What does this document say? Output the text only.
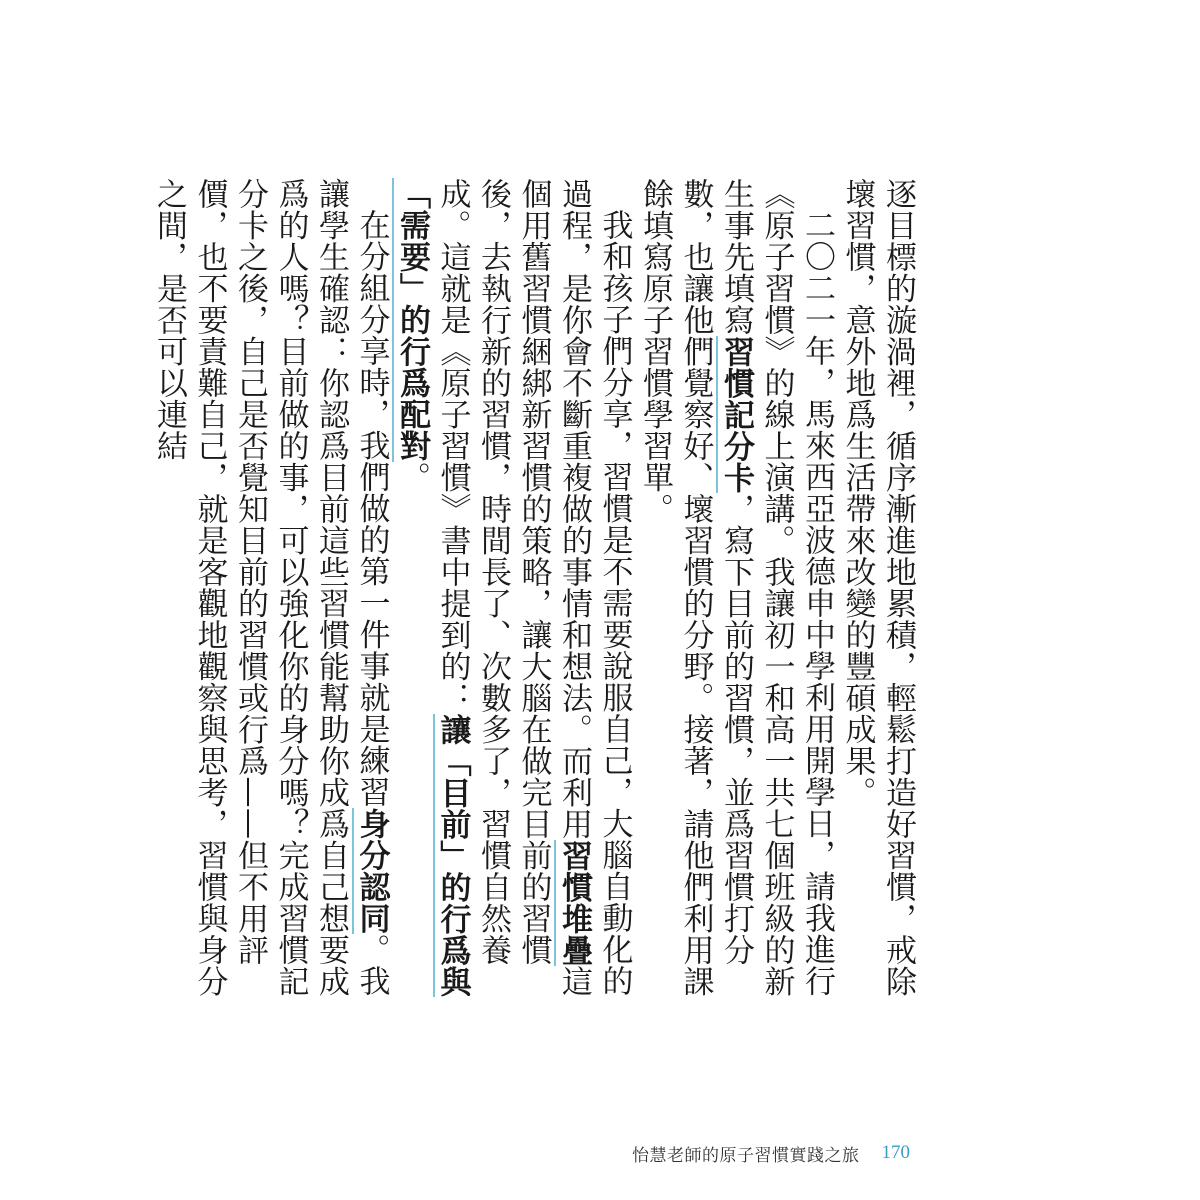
逐目標的漩渦裡，循序漸進地累積，輕鬆打造好習慣，戒除壞習慣，意外地爲生活帶來改變的豐碩成果。

二〇二一年，馬來西亞波德申中學利用開學日，請我進行《原子習慣》的線上演講。我讓初一和高一共七個班級的新生事先填寫習慣記分卡，寫下目前的習慣，並爲習慣打分數，也讓他們覺察好、壞習慣的分野。接著，請他們利用課餘填寫原子習慣學習單。

我和孩子們分享，習慣是不需要說服自己，大腦自動化的過程，是你會不斷重複做的事情和想法。而利用習慣堆疊這個用舊習慣綑綁新習慣的策略，讓大腦在做完目前的習慣後，去執行新的習慣，時間長了、次數多了，習慣自然養成。這就是《原子習慣》書中提到的：讓「目前」的行爲與「需要」的行爲配對。

在分組分享時，我們做的第一件事就是練習身分認同。我讓學生確認：你認爲目前這些習慣能幫助你成爲自己想要成爲的人嗎？目前做的事，可以強化你的身分嗎？完成習慣記分卡之後，自己是否覺知目前的習慣或行爲——但不用評價，也不要責難自己，就是客觀地觀察與思考，習慣與身分之間，是否可以連結

怡慧老師的原子習慣實踐之旅 170
